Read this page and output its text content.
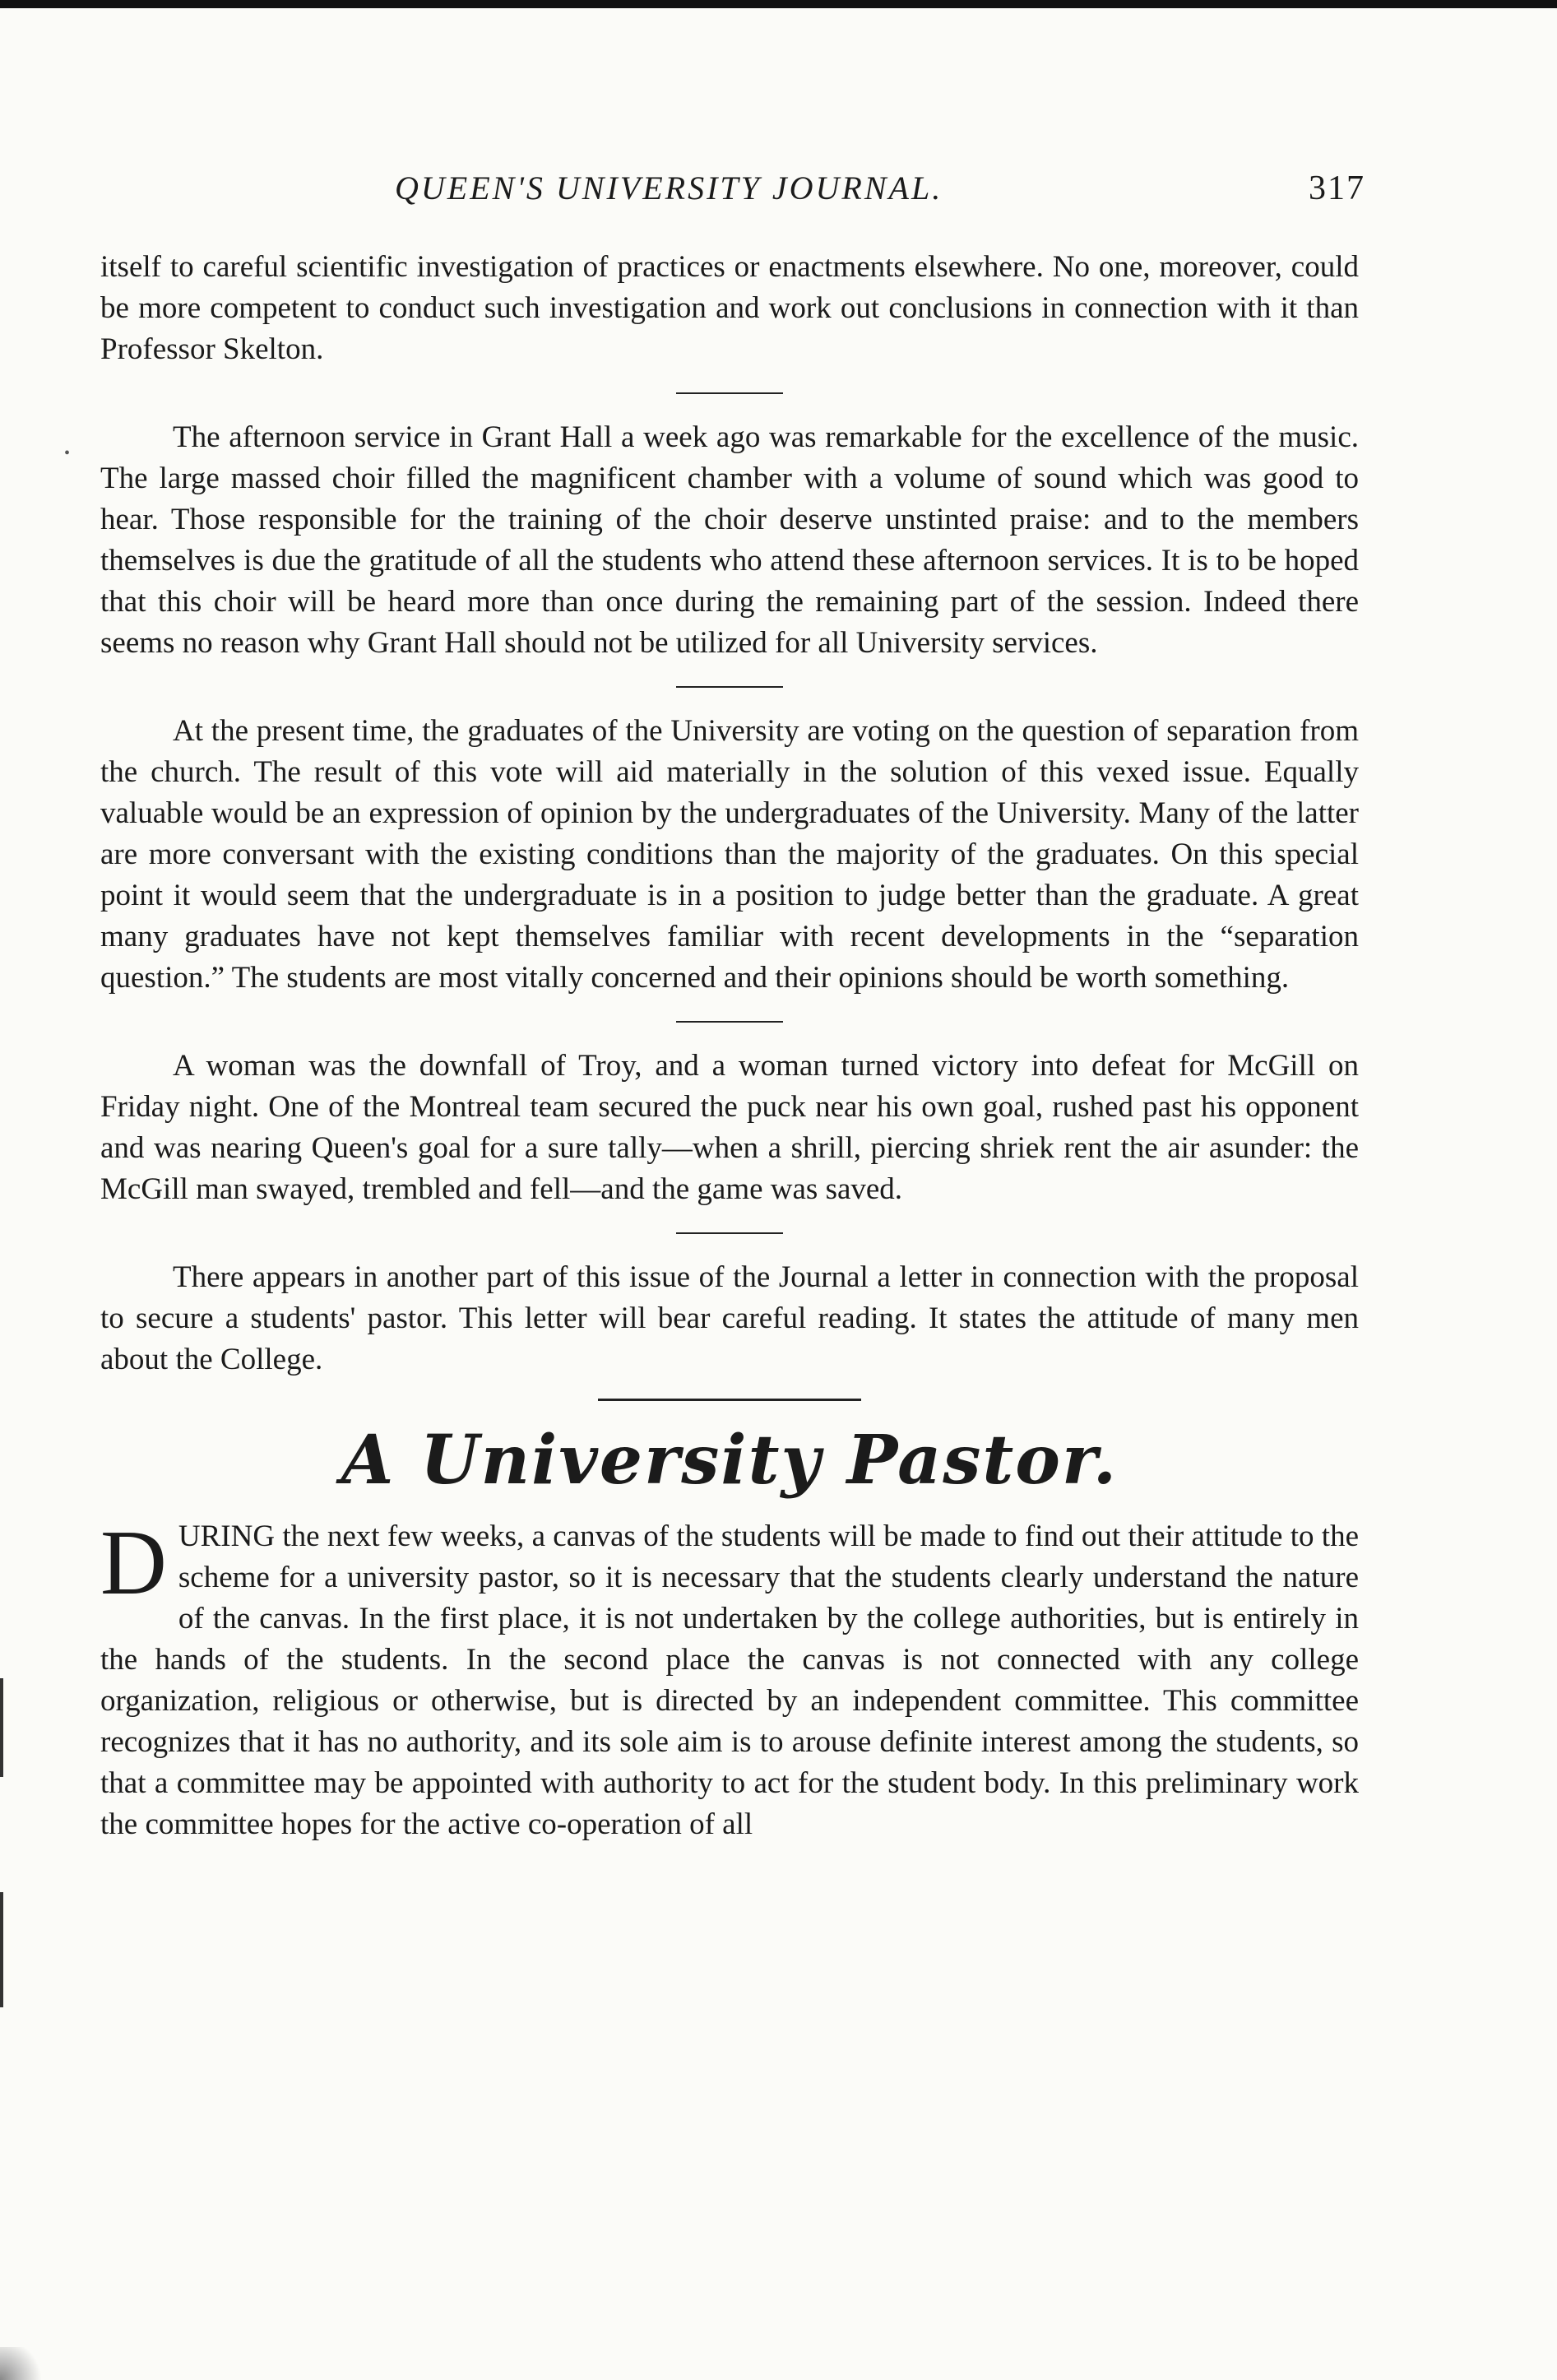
•
QUEEN'S UNIVERSITY JOURNAL.	317

itself to careful scientific investigation of practices or enactments elsewhere. No one, moreover, could be more competent to conduct such investigation and work out conclusions in connection with it than Professor Skelton.

The afternoon service in Grant Hall a week ago was remarkable for the excellence of the music. The large massed choir filled the magnificent chamber with a volume of sound which was good to hear. Those responsible for the training of the choir deserve unstinted praise: and to the members themselves is due the gratitude of all the students who attend these afternoon services. It is to be hoped that this choir will be heard more than once during the remaining part of the session. Indeed there seems no reason why Grant Hall should not be utilized for all University services.

At the present time, the graduates of the University are voting on the question of separation from the church. The result of this vote will aid materially in the solution of this vexed issue. Equally valuable would be an expression of opinion by the undergraduates of the University. Many of the latter are more conversant with the existing conditions than the majority of the graduates. On this special point it would seem that the undergraduate is in a position to judge better than the graduate. A great many graduates have not kept themselves familiar with recent developments in the “separation question.” The students are most vitally concerned and their opinions should be worth something.

A woman was the downfall of Troy, and a woman turned victory into defeat for McGill on Friday night. One of the Montreal team secured the puck near his own goal, rushed past his opponent and was nearing Queen's goal for a sure tally—when a shrill, piercing shriek rent the air asunder: the McGill man swayed, trembled and fell—and the game was saved.

There appears in another part of this issue of the Journal a letter in connection with the proposal to secure a students' pastor. This letter will bear careful reading. It states the attitude of many men about the College.

A University Pastor.

DURING the next few weeks, a canvas of the students will be made to find out their attitude to the scheme for a university pastor, so it is necessary that the students clearly understand the nature of the canvas. In the first place, it is not undertaken by the college authorities, but is entirely in the hands of the students. In the second place the canvas is not connected with any college organization, religious or otherwise, but is directed by an independent committee. This committee recognizes that it has no authority, and its sole aim is to arouse definite interest among the students, so that a committee may be appointed with authority to act for the student body. In this preliminary work the committee hopes for the active co-operation of all
